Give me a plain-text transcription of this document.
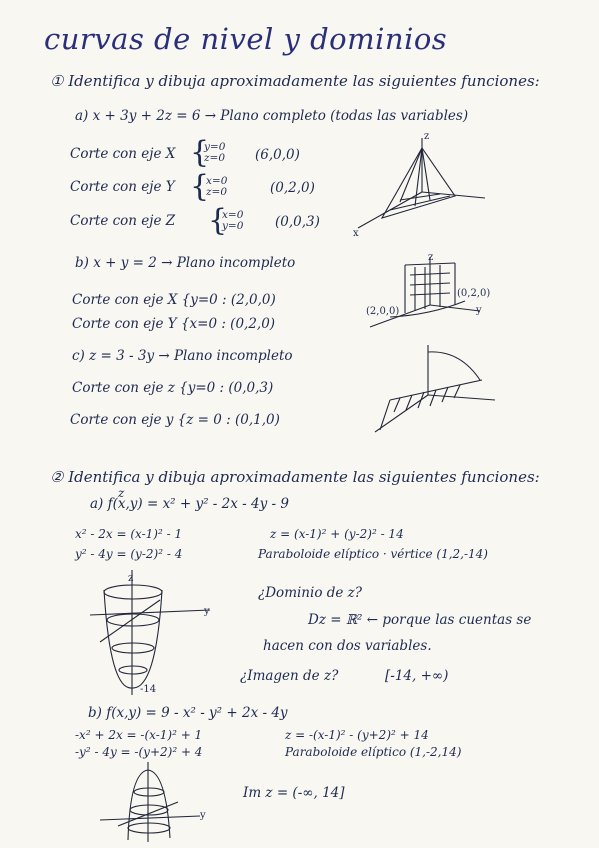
curvas de nivel y dominios
① Identifica y dibuja aproximadamente las siguientes funciones:
a) x + 3y + 2z = 6 → Plano completo (todas las variables)
Corte con eje X {
y=0
z=0 (6,0,0)
Corte con eje Y {
x=0
z=0	(0,2,0)
Corte con eje Z {
x=0
y=0 (0,0,3)
z
x
b) x + y = 2 → Plano incompleto
Corte con eje X {y=0 : (2,0,0)
Corte con eje Y {x=0 : (0,2,0)
z
y
(2,0,0)
(0,2,0)
c) z = 3 - 3y → Plano incompleto
Corte con eje z {y=0 : (0,0,3)
Corte con eje y {z = 0 : (0,1,0)
② Identifica y dibuja aproximadamente las siguientes funciones:
z
a) f(x,y) = x² + y² - 2x - 4y - 9
x² - 2x = (x-1)² - 1
y² - 4y = (y-2)² - 4
z = (x-1)² + (y-2)² - 14
Paraboloide elíptico · vértice (1,2,-14)
¿Dominio de z?
Dz = ℝ² ← porque las cuentas se
hacen con dos variables.
¿Imagen de z?	[-14, +∞)
z
y
-14
b) f(x,y) = 9 - x² - y² + 2x - 4y
-x² + 2x = -(x-1)² + 1
-y² - 4y = -(y+2)² + 4
z = -(x-1)² - (y+2)² + 14
Paraboloide elíptico (1,-2,14)
Im z = (-∞, 14]
y
